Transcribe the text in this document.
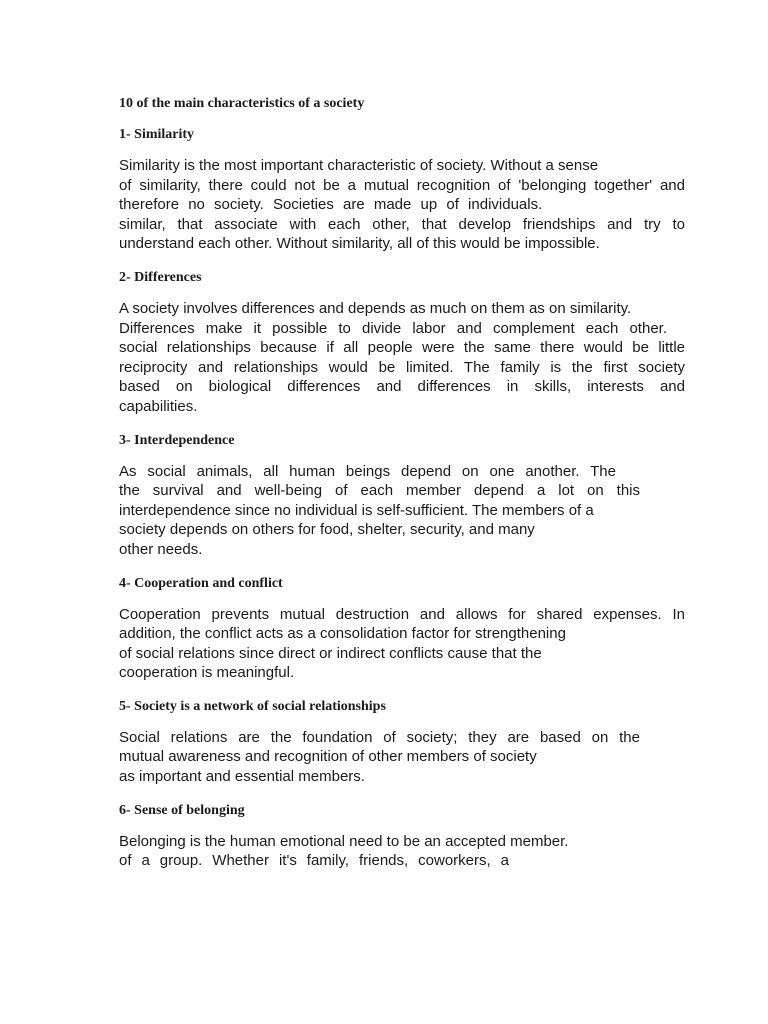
10 of the main characteristics of a society
1- Similarity

Similarity is the most important characteristic of society. Without a sense
of similarity, there could not be a mutual recognition of 'belonging together' and
therefore no society. Societies are made up of individuals.
similar, that associate with each other, that develop friendships and try to
understand each other. Without similarity, all of this would be impossible.

2- Differences

A society involves differences and depends as much on them as on similarity.
Differences make it possible to divide labor and complement each other.
social relationships because if all people were the same there would be little
reciprocity and relationships would be limited. The family is the first society
based on biological differences and differences in skills, interests and
capabilities.

3- Interdependence

As social animals, all human beings depend on one another. The
the survival and well-being of each member depend a lot on this
interdependence since no individual is self-sufficient. The members of a
society depends on others for food, shelter, security, and many
other needs.

4- Cooperation and conflict

Cooperation prevents mutual destruction and allows for shared expenses. In
addition, the conflict acts as a consolidation factor for strengthening
of social relations since direct or indirect conflicts cause that the
cooperation is meaningful.

5- Society is a network of social relationships

Social relations are the foundation of society; they are based on the
mutual awareness and recognition of other members of society
as important and essential members.

6- Sense of belonging

Belonging is the human emotional need to be an accepted member.
of a group. Whether it's family, friends, coworkers, a
